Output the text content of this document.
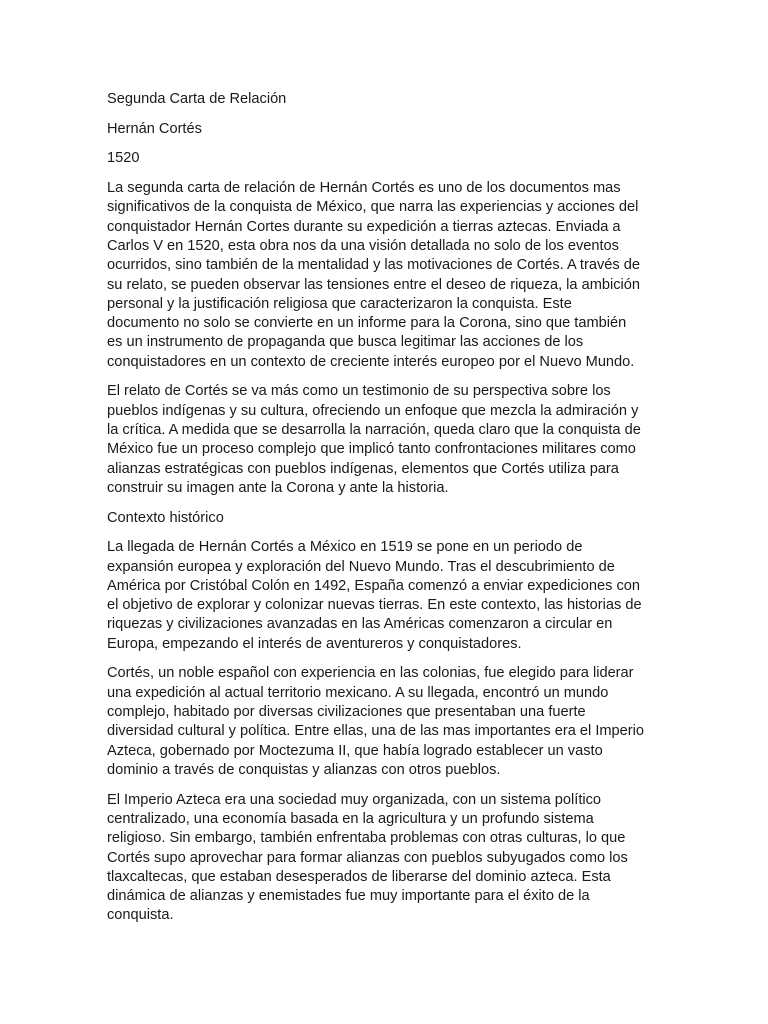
Segunda Carta de Relación

Hernán Cortés

1520

La segunda carta de relación de Hernán Cortés es uno de los documentos mas
significativos de la conquista de México, que narra las experiencias y acciones del
conquistador Hernán Cortes durante su expedición a tierras aztecas. Enviada a
Carlos V en 1520, esta obra nos da una visión detallada no solo de los eventos
ocurridos, sino también de la mentalidad y las motivaciones de Cortés. A través de
su relato, se pueden observar las tensiones entre el deseo de riqueza, la ambición
personal y la justificación religiosa que caracterizaron la conquista. Este
documento no solo se convierte en un informe para la Corona, sino que también
es un instrumento de propaganda que busca legitimar las acciones de los
conquistadores en un contexto de creciente interés europeo por el Nuevo Mundo.
El relato de Cortés se va más como un testimonio de su perspectiva sobre los
pueblos indígenas y su cultura, ofreciendo un enfoque que mezcla la admiración y
la crítica. A medida que se desarrolla la narración, queda claro que la conquista de
México fue un proceso complejo que implicó tanto confrontaciones militares como
alianzas estratégicas con pueblos indígenas, elementos que Cortés utiliza para
construir su imagen ante la Corona y ante la historia.

Contexto histórico

La llegada de Hernán Cortés a México en 1519 se pone en un periodo de
expansión europea y exploración del Nuevo Mundo. Tras el descubrimiento de
América por Cristóbal Colón en 1492, España comenzó a enviar expediciones con
el objetivo de explorar y colonizar nuevas tierras. En este contexto, las historias de
riquezas y civilizaciones avanzadas en las Américas comenzaron a circular en
Europa, empezando el interés de aventureros y conquistadores.
Cortés, un noble español con experiencia en las colonias, fue elegido para liderar
una expedición al actual territorio mexicano. A su llegada, encontró un mundo
complejo, habitado por diversas civilizaciones que presentaban una fuerte
diversidad cultural y política. Entre ellas, una de las mas importantes era el Imperio
Azteca, gobernado por Moctezuma II, que había logrado establecer un vasto
dominio a través de conquistas y alianzas con otros pueblos.
El Imperio Azteca era una sociedad muy organizada, con un sistema político
centralizado, una economía basada en la agricultura y un profundo sistema
religioso. Sin embargo, también enfrentaba problemas con otras culturas, lo que
Cortés supo aprovechar para formar alianzas con pueblos subyugados como los
tlaxcaltecas, que estaban desesperados de liberarse del dominio azteca. Esta
dinámica de alianzas y enemistades fue muy importante para el éxito de la
conquista.
